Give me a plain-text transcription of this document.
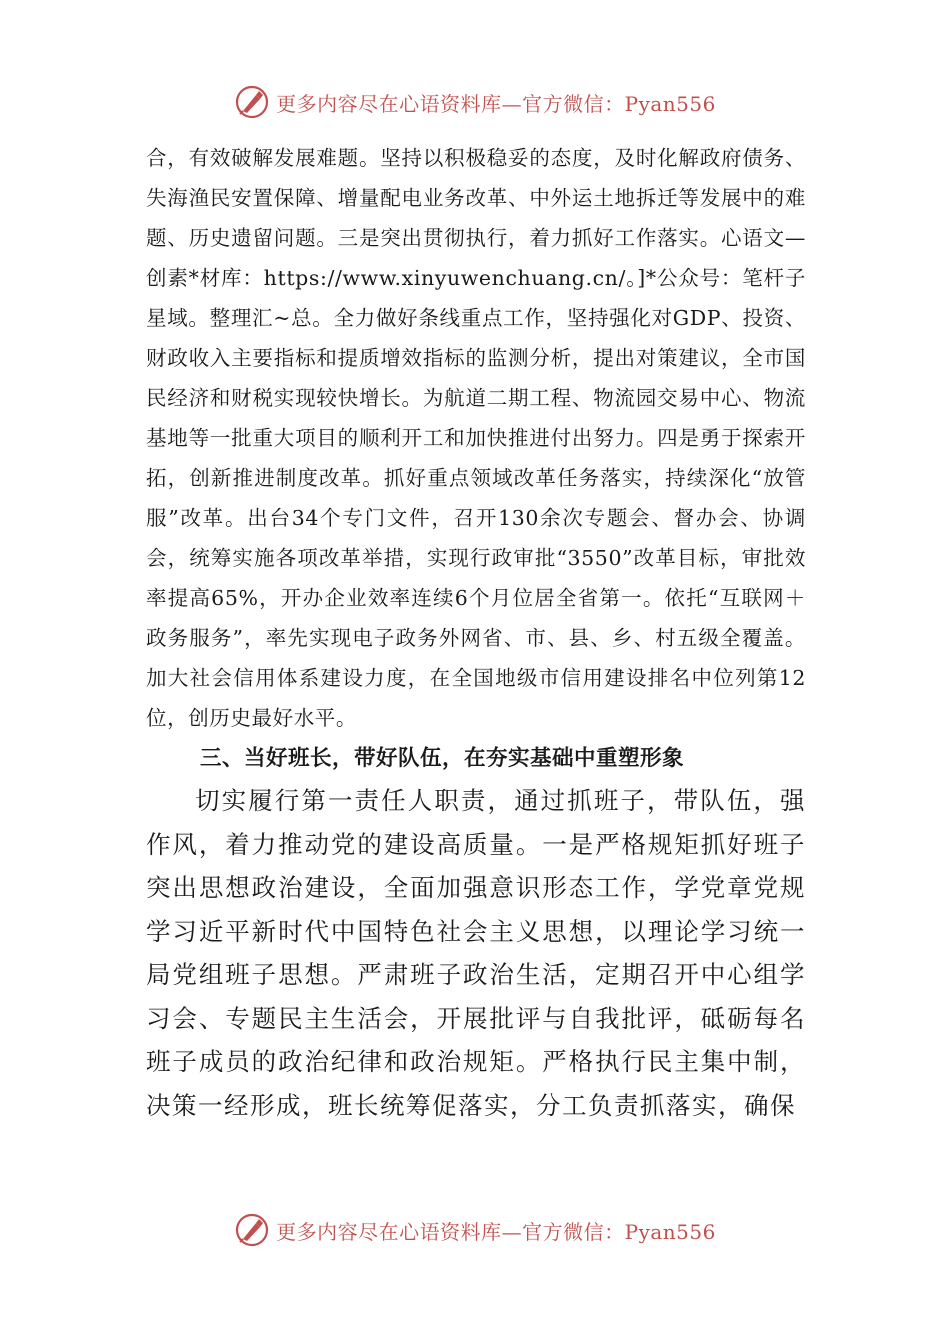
更多内容尽在心语资料库—官方微信：Pyan556

合，有效破解发展难题。坚持以积极稳妥的态度，及时化解政府债务、失海渔民安置保障、增量配电业务改革、中外运土地拆迁等发展中的难题、历史遗留问题。三是突出贯彻执行，着力抓好工作落实。心语文—创素*材库：https://www.xinyuwenchuang.cn/。]*公众号：笔杆子星域。整理汇~总。全力做好条线重点工作，坚持强化对GDP、投资、财政收入主要指标和提质增效指标的监测分析，提出对策建议，全市国民经济和财税实现较快增长。为航道二期工程、物流园交易中心、物流基地等一批重大项目的顺利开工和加快推进付出努力。四是勇于探索开拓，创新推进制度改革。抓好重点领域改革任务落实，持续深化“放管服”改革。出台34个专门文件，召开130余次专题会、督办会、协调会，统筹实施各项改革举措，实现行政审批“3550”改革目标，审批效率提高65%，开办企业效率连续6个月位居全省第一。依托“互联网＋政务服务”，率先实现电子政务外网省、市、县、乡、村五级全覆盖。加大社会信用体系建设力度，在全国地级市信用建设排名中位列第12位，创历史最好水平。

三、当好班长，带好队伍，在夯实基础中重塑形象

切实履行第一责任人职责，通过抓班子，带队伍，强作风，着力推动党的建设高质量。一是严格规矩抓好班子突出思想政治建设，全面加强意识形态工作，学党章党规学习近平新时代中国特色社会主义思想，以理论学习统一局党组班子思想。严肃班子政治生活，定期召开中心组学习会、专题民主生活会，开展批评与自我批评，砥砺每名班子成员的政治纪律和政治规矩。严格执行民主集中制，决策一经形成，班长统筹促落实，分工负责抓落实，确保

更多内容尽在心语资料库—官方微信：Pyan556
